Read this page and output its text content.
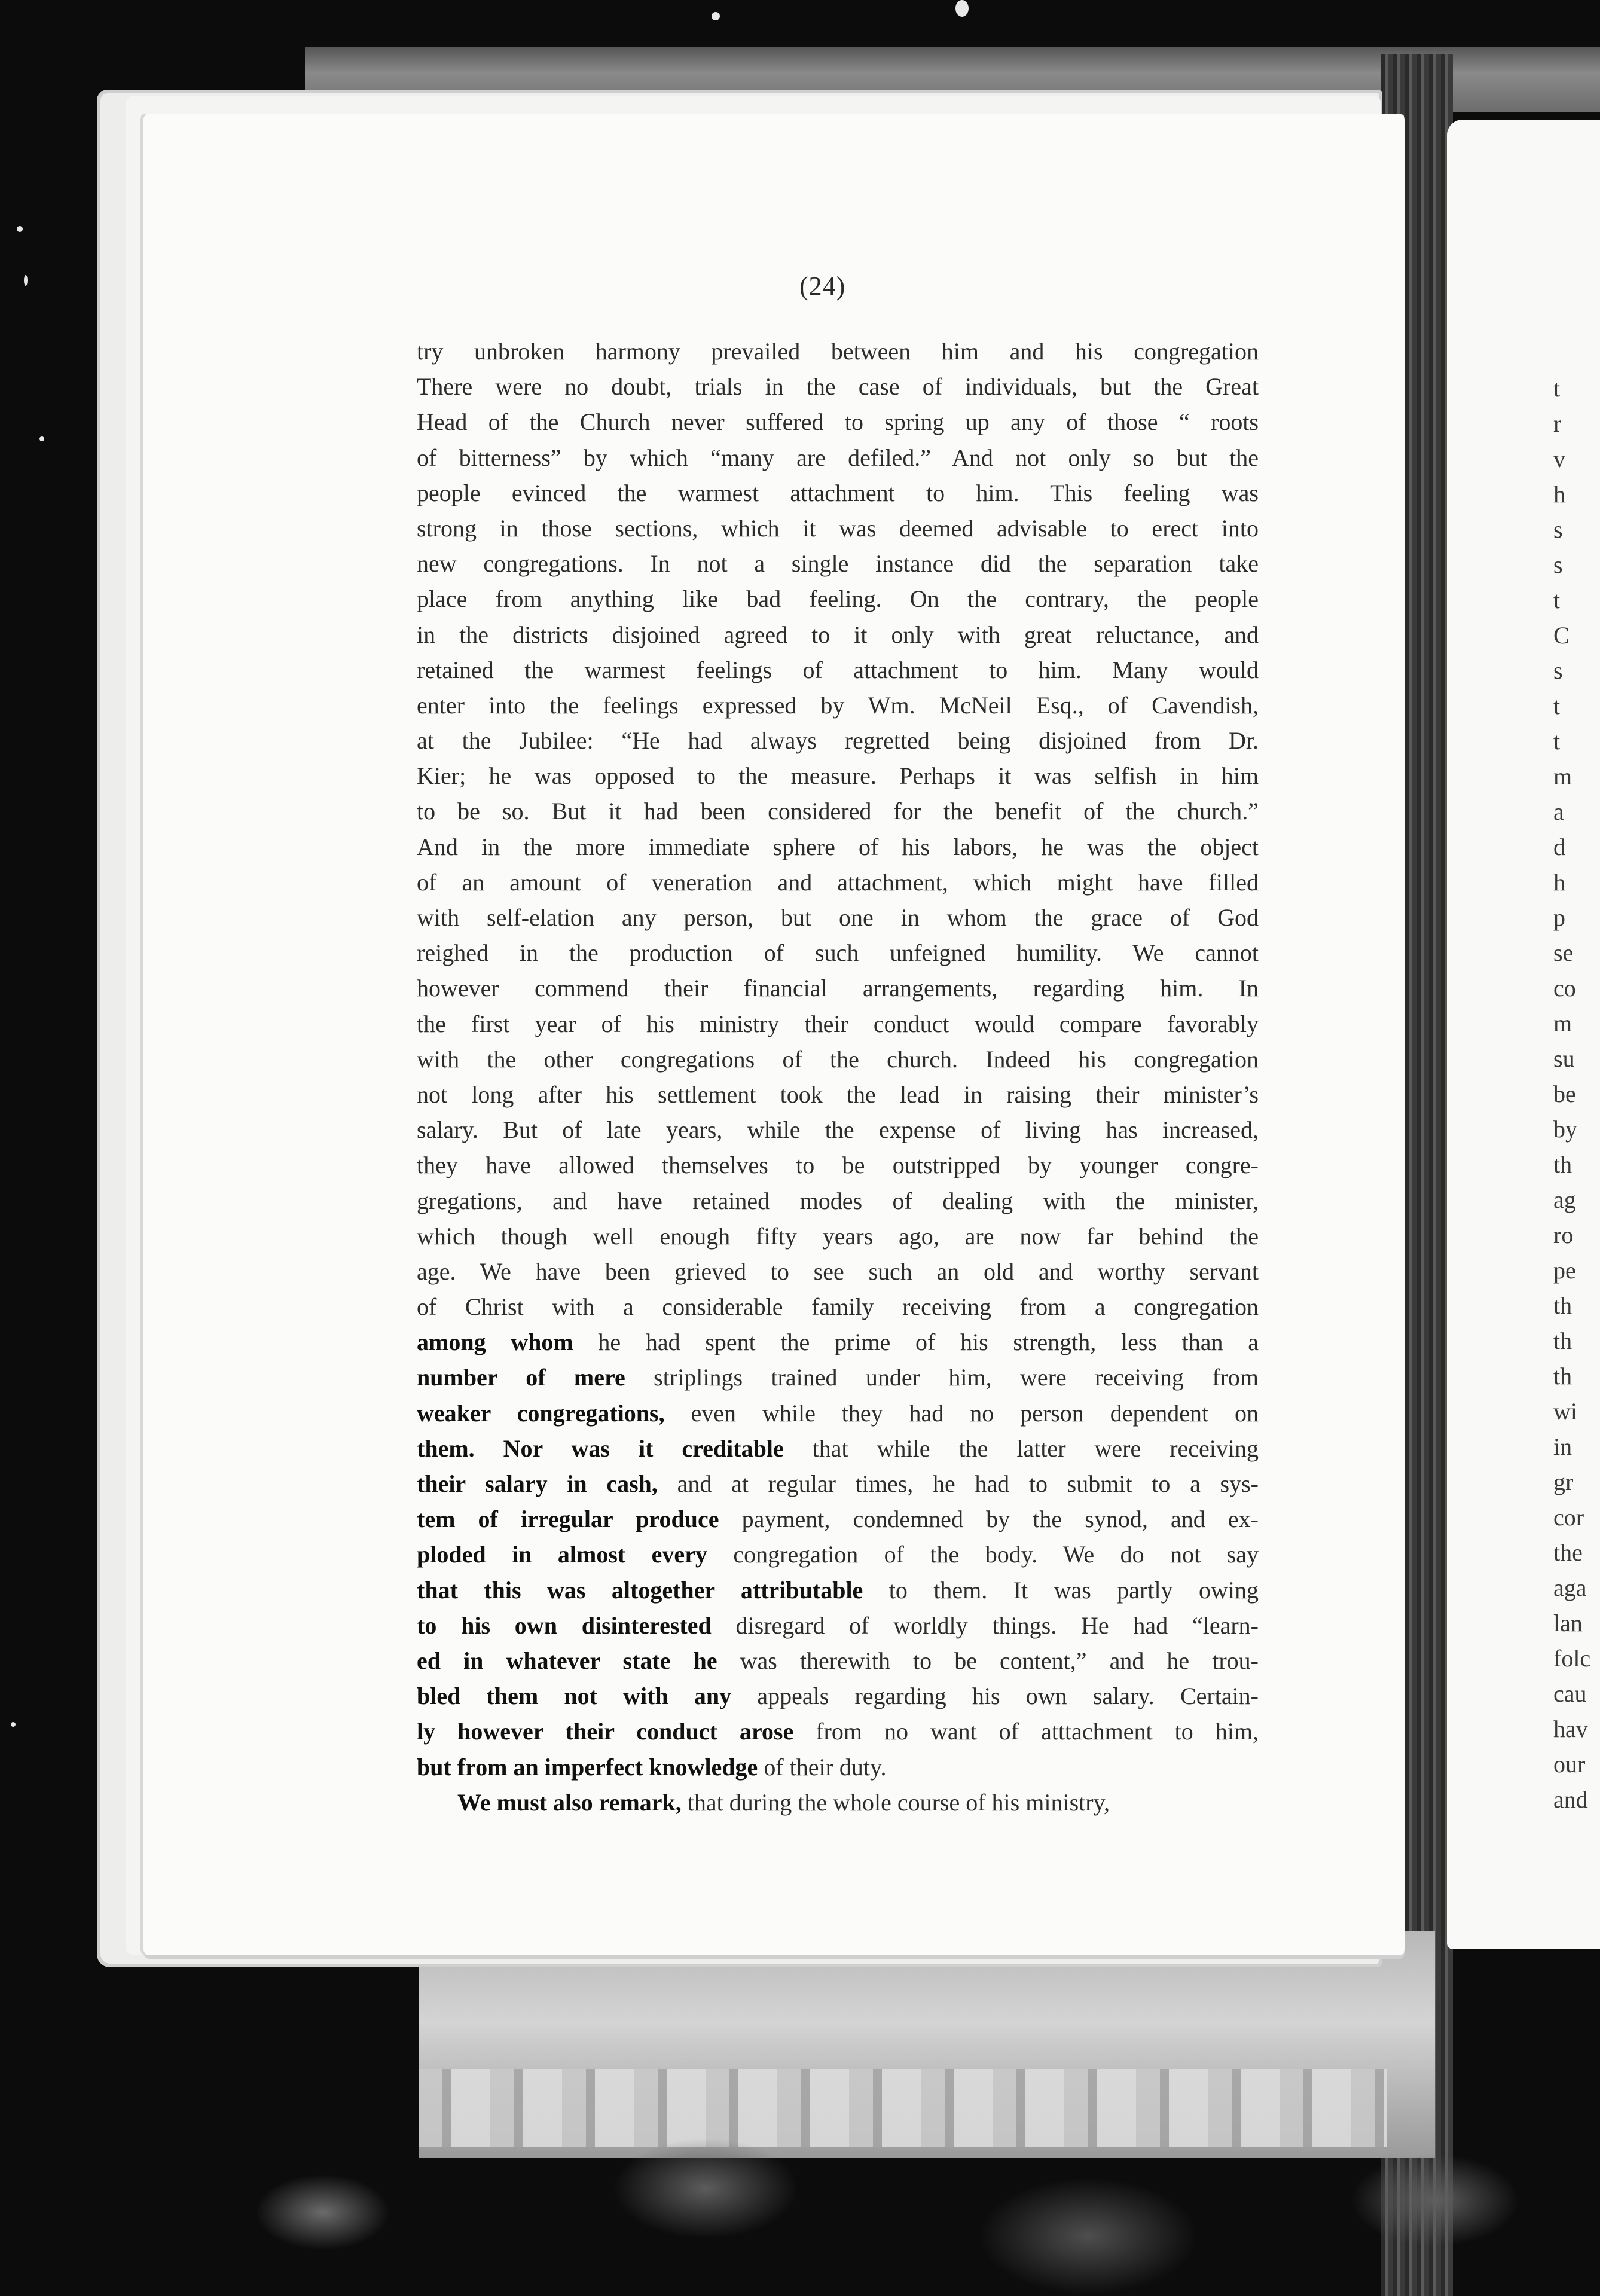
(24)
try unbroken harmony prevailed between him and his congregation
There were no doubt, trials in the case of individuals, but the Great
Head of the Church never suffered to spring up any of those “ roots
of bitterness” by which “many are defiled.” And not only so but the
people evinced the warmest attachment to him. This feeling was
strong in those sections, which it was deemed advisable to erect into
new congregations. In not a single instance did the separation take
place from anything like bad feeling. On the contrary, the people
in the districts disjoined agreed to it only with great reluctance, and
retained the warmest feelings of attachment to him. Many would
enter into the feelings expressed by Wm. McNeil Esq., of Cavendish,
at the Jubilee: “He had always regretted being disjoined from Dr.
Kier; he was opposed to the measure. Perhaps it was selfish in him
to be so. But it had been considered for the benefit of the church.”
And in the more immediate sphere of his labors, he was the object
of an amount of veneration and attachment, which might have filled
with self-elation any person, but one in whom the grace of God
reighed in the production of such unfeigned humility. We cannot
however commend their financial arrangements, regarding him. In
the first year of his ministry their conduct would compare favorably
with the other congregations of the church. Indeed his congregation
not long after his settlement took the lead in raising their minister’s
salary. But of late years, while the expense of living has increased,
they have allowed themselves to be outstripped by younger congre-
gregations, and have retained modes of dealing with the minister,
which though well enough fifty years ago, are now far behind the
age. We have been grieved to see such an old and worthy servant
of Christ with a considerable family receiving from a congregation
among whom he had spent the prime of his strength, less than a
number of mere striplings trained under him, were receiving from
weaker congregations, even while they had no person dependent on
them. Nor was it creditable that while the latter were receiving
their salary in cash, and at regular times, he had to submit to a sys-
tem of irregular produce payment, condemned by the synod, and ex-
ploded in almost every congregation of the body. We do not say
that this was altogether attributable to them. It was partly owing
to his own disinterested disregard of worldly things. He had “learn-
ed in whatever state he was therewith to be content,” and he trou-
bled them not with any appeals regarding his own salary. Certain-
ly however their conduct arose from no want of atttachment to him,
but from an imperfect knowledge of their duty.
We must also remark, that during the whole course of his ministry,
t
r
v
h
s
s
t
C
s
t
t
m
a
d
h
p
se
co
m
su
be
by
th
ag
ro
pe
th
th
th
wi
in
gr
cor
the
aga
lan
folc
cau
hav
our
and
